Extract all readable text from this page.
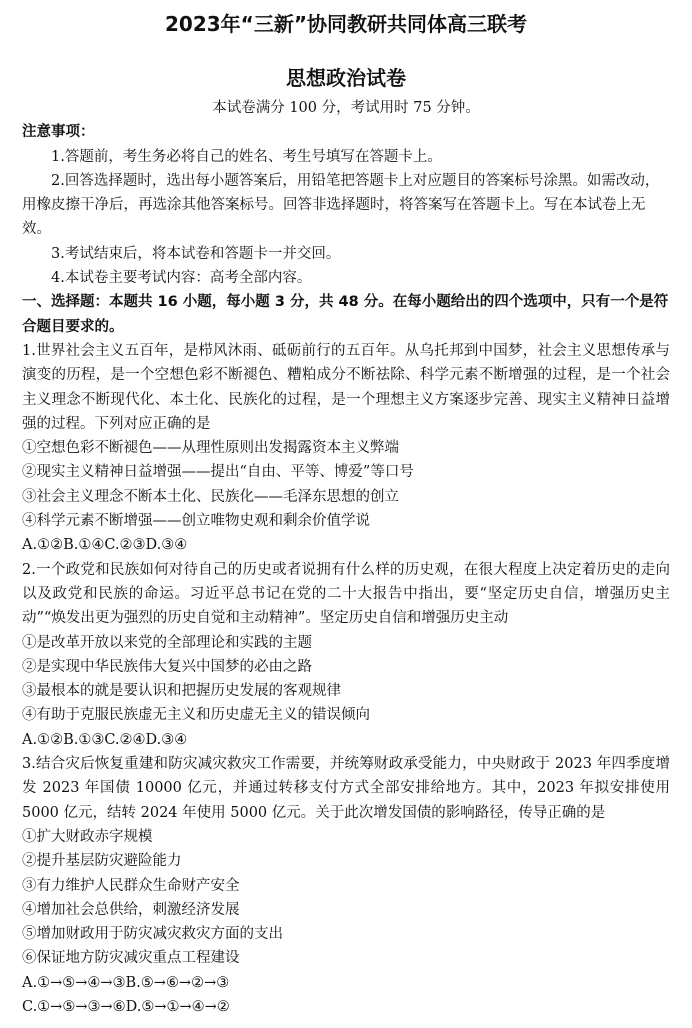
2023年“三新”协同教研共同体高三联考
思想政治试卷

本试卷满分 100 分，考试用时 75 分钟。

注意事项：

1.答题前，考生务必将自己的姓名、考生号填写在答题卡上。

2.回答选择题时，选出每小题答案后，用铅笔把答题卡上对应题目的答案标号涂黑。如需改动，用橡皮擦干净后，再选涂其他答案标号。回答非选择题时，将答案写在答题卡上。写在本试卷上无效。

3.考试结束后，将本试卷和答题卡一并交回。

4.本试卷主要考试内容：高考全部内容。

一、选择题：本题共 16 小题，每小题 3 分，共 48 分。在每小题给出的四个选项中，只有一个是符合题目要求的。

1.世界社会主义五百年，是栉风沐雨、砥砺前行的五百年。从乌托邦到中国梦，社会主义思想传承与演变的历程，是一个空想色彩不断褪色、糟粕成分不断祛除、科学元素不断增强的过程，是一个社会主义理念不断现代化、本土化、民族化的过程，是一个理想主义方案逐步完善、现实主义精神日益增强的过程。下列对应正确的是

①空想色彩不断褪色——从理性原则出发揭露资本主义弊端

②现实主义精神日益增强——提出“自由、平等、博爱”等口号

③社会主义理念不断本土化、民族化——毛泽东思想的创立

④科学元素不断增强——创立唯物史观和剩余价值学说

A.①②B.①④C.②③D.③④

2.一个政党和民族如何对待自己的历史或者说拥有什么样的历史观，在很大程度上决定着历史的走向以及政党和民族的命运。习近平总书记在党的二十大报告中指出，要“坚定历史自信，增强历史主动”“焕发出更为强烈的历史自觉和主动精神”。坚定历史自信和增强历史主动

①是改革开放以来党的全部理论和实践的主题

②是实现中华民族伟大复兴中国梦的必由之路

③最根本的就是要认识和把握历史发展的客观规律

④有助于克服民族虚无主义和历史虚无主义的错误倾向

A.①②B.①③C.②④D.③④

3.结合灾后恢复重建和防灾减灾救灾工作需要，并统筹财政承受能力，中央财政于 2023 年四季度增发 2023 年国债 10000 亿元，并通过转移支付方式全部安排给地方。其中，2023 年拟安排使用 5000 亿元，结转 2024 年使用 5000 亿元。关于此次增发国债的影响路径，传导正确的是

①扩大财政赤字规模

②提升基层防灾避险能力

③有力维护人民群众生命财产安全

④增加社会总供给，刺激经济发展

⑤增加财政用于防灾减灾救灾方面的支出

⑥保证地方防灾减灾重点工程建设

A.①→⑤→④→③B.⑤→⑥→②→③

C.①→⑤→③→⑥D.⑤→①→④→②
